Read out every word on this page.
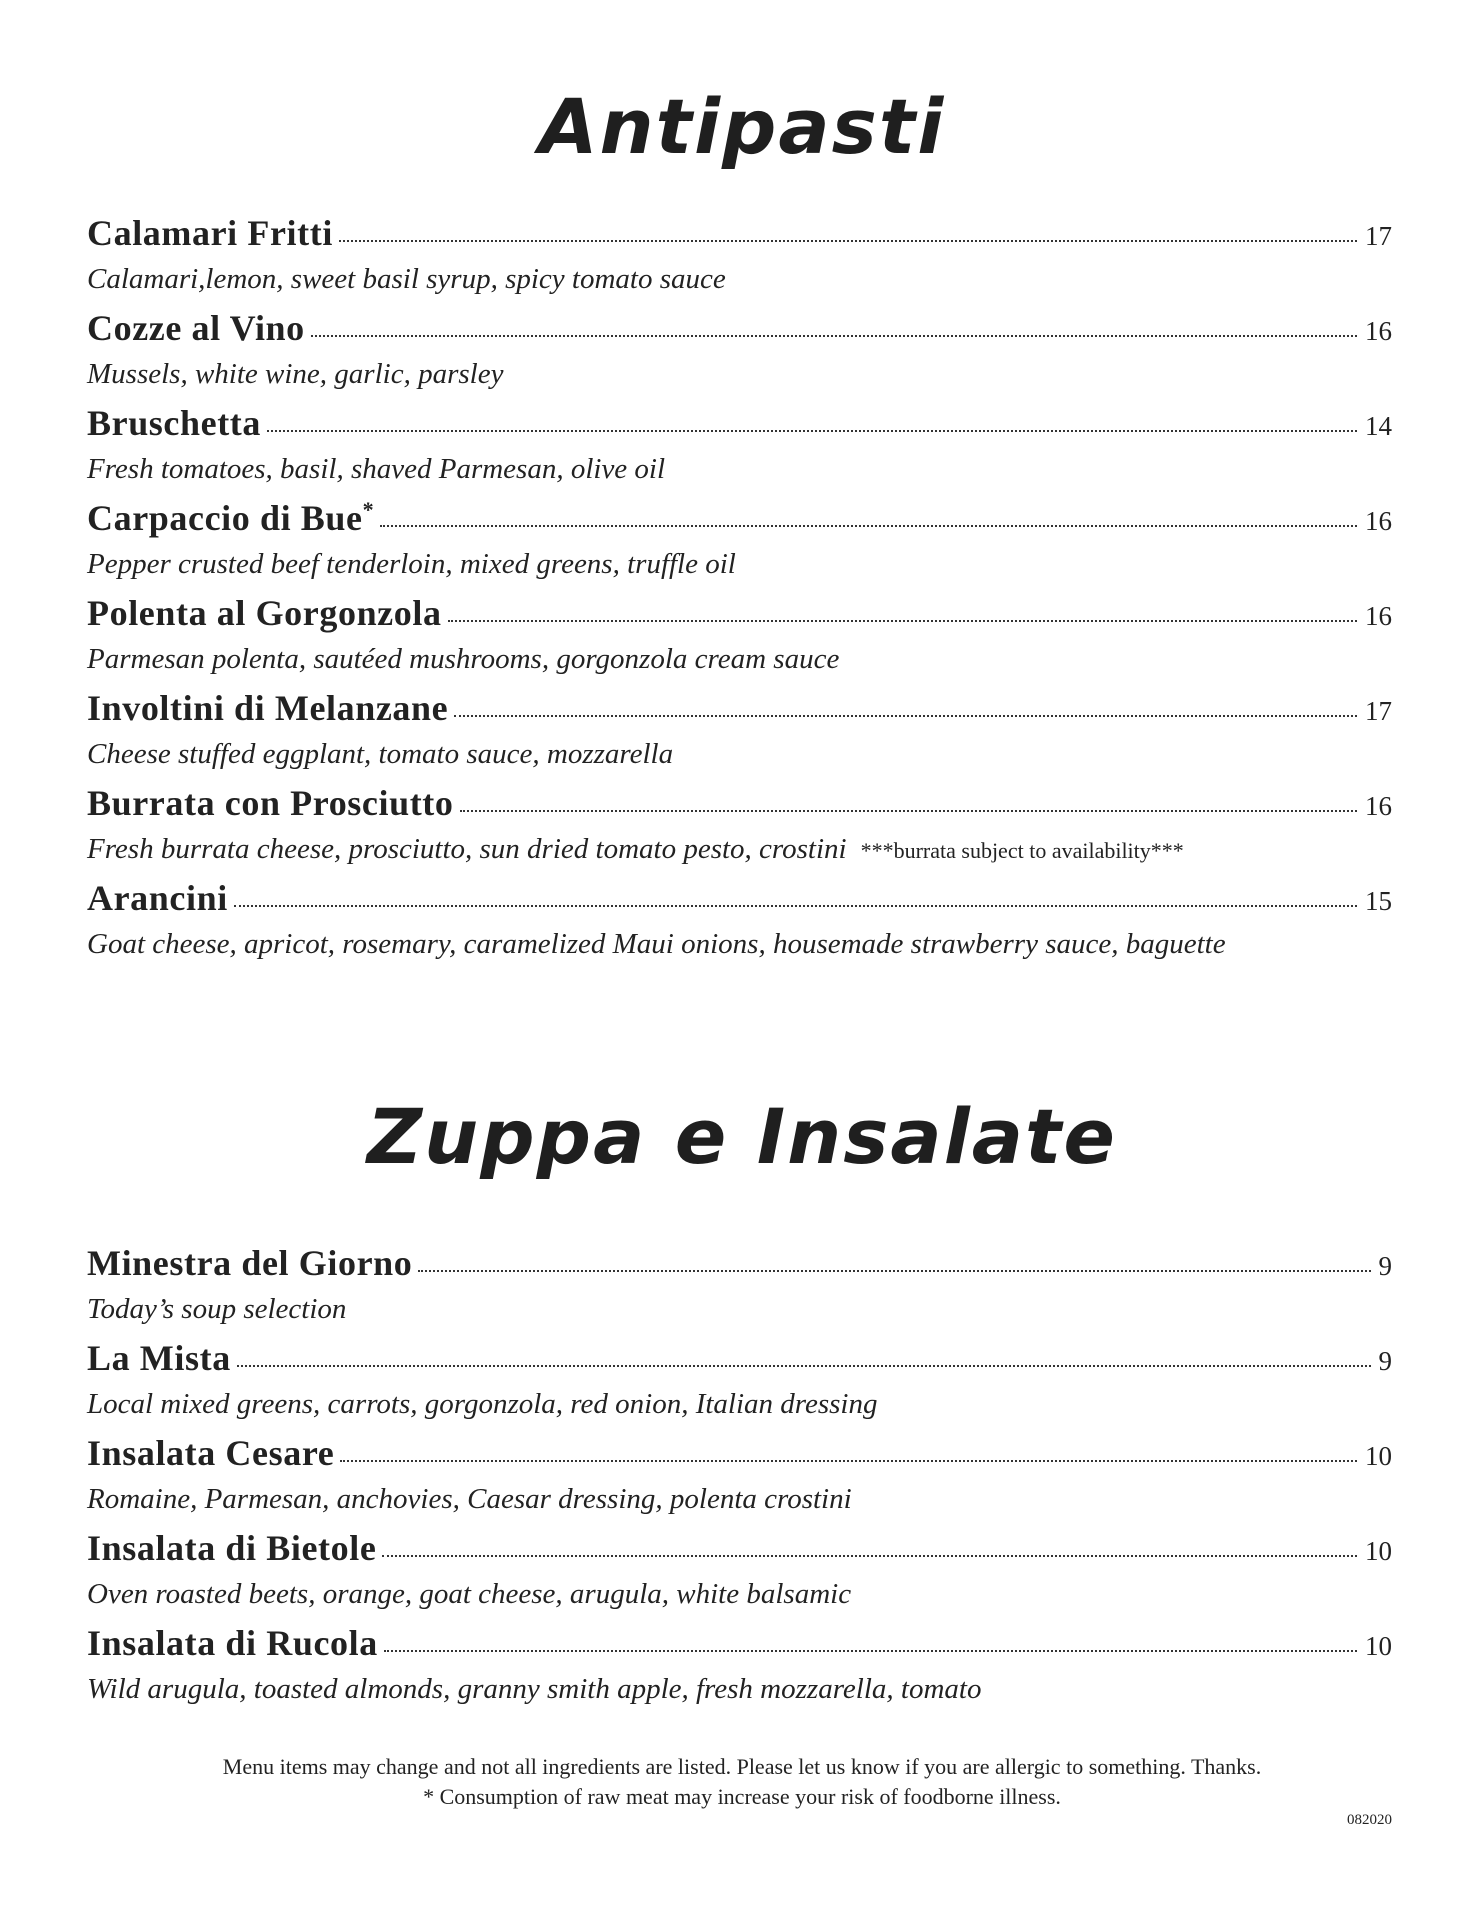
Antipasti
Calamari Fritti	17
Calamari,lemon, sweet basil syrup, spicy tomato sauce
Cozze al Vino	16
Mussels, white wine, garlic, parsley
Bruschetta	14
Fresh tomatoes, basil, shaved Parmesan, olive oil
Carpaccio di Bue*	16
Pepper crusted beef tenderloin, mixed greens, truffle oil
Polenta al Gorgonzola	16
Parmesan polenta, sautéed mushrooms, gorgonzola cream sauce
Involtini di Melanzane	17
Cheese stuffed eggplant, tomato sauce, mozzarella
Burrata con Prosciutto	16
Fresh burrata cheese, prosciutto, sun dried tomato pesto, crostini ***burrata subject to availability***
Arancini	15
Goat cheese, apricot, rosemary, caramelized Maui onions, housemade strawberry sauce, baguette
Zuppa e Insalate
Minestra del Giorno	9
Today’s soup selection
La Mista	9
Local mixed greens, carrots, gorgonzola, red onion, Italian dressing
Insalata Cesare	10
Romaine, Parmesan, anchovies, Caesar dressing, polenta crostini
Insalata di Bietole	10
Oven roasted beets, orange, goat cheese, arugula, white balsamic
Insalata di Rucola	10
Wild arugula, toasted almonds, granny smith apple, fresh mozzarella, tomato
Menu items may change and not all ingredients are listed. Please let us know if you are allergic to something. Thanks.
* Consumption of raw meat may increase your risk of foodborne illness.
082020
